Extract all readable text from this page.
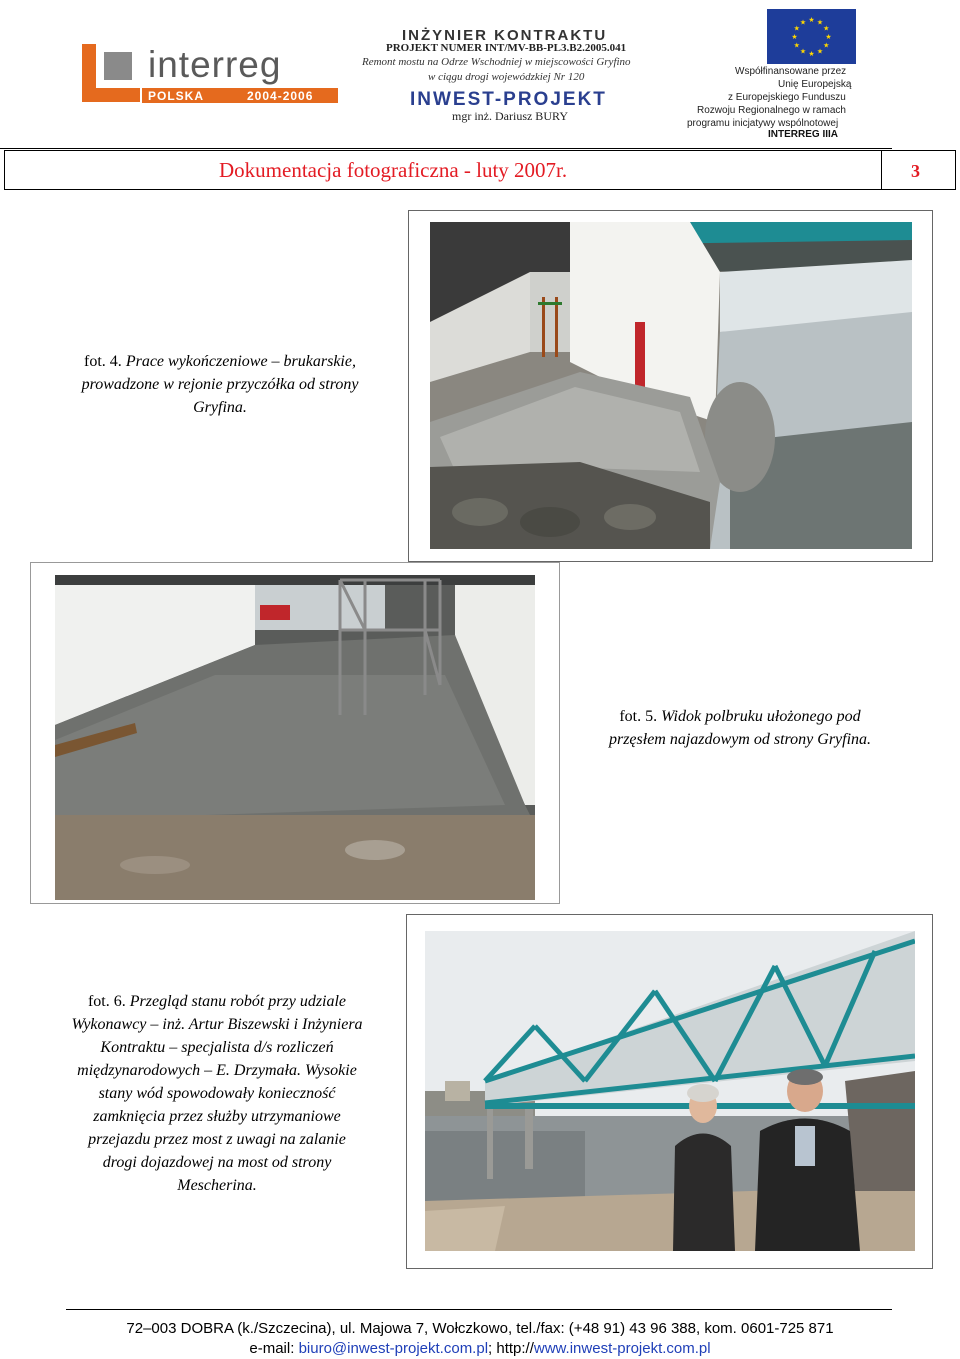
interreg
POLSKA	2004-2006
INŻYNIER KONTRAKTU
PROJEKT NUMER INT/MV-BB-PL3.B2.2005.041
Remont mostu na Odrze Wschodniej w miejscowości Gryfino
w ciągu drogi wojewódzkiej Nr 120
INWEST-PROJEKT
mgr inż. Dariusz BURY
★ ★
★
★
★
★
★
★
★
★
★
★
Współfinansowane przez
Unię Europejską
z Europejskiego Funduszu
Rozwoju Regionalnego w ramach
programu inicjatywy wspólnotowej
INTERREG IIIA
Dokumentacja fotograficzna - luty 2007r.	3
fot. 4. Prace wykończeniowe – brukarskie,
prowadzone w rejonie przyczółka od strony
Gryfina.
fot. 5. Widok polbruku ułożonego pod
przęsłem najazdowym od strony Gryfina.
fot. 6. Przegląd stanu robót przy udziale
Wykonawcy – inż. Artur Biszewski i Inżyniera
Kontraktu – specjalista d/s rozliczeń
międzynarodowych – E. Drzymała. Wysokie
stany wód spowodowały konieczność
zamknięcia przez służby utrzymaniowe
przejazdu przez most z uwagi na zalanie
drogi dojazdowej na most od strony
Mescherina.
72–003 DOBRA (k./Szczecina), ul. Majowa 7, Wołczkowo, tel./fax: (+48 91) 43 96 388, kom. 0601-725 871
e-mail: biuro@inwest-projekt.com.pl; http://www.inwest-projekt.com.pl
